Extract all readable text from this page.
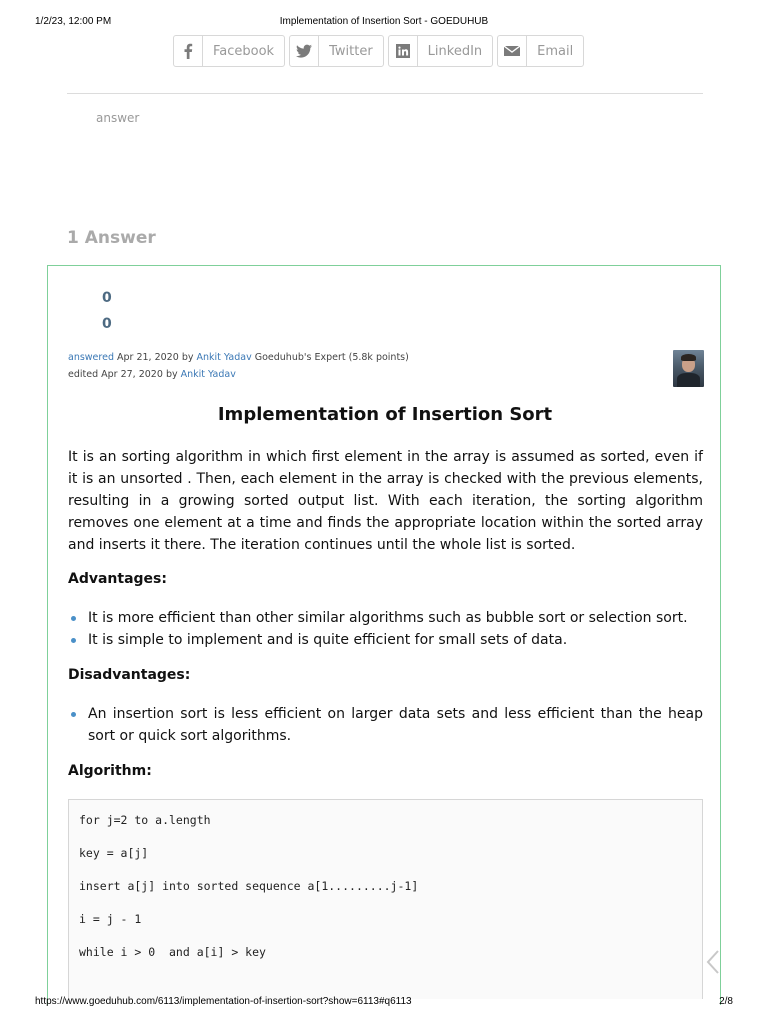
1/2/23, 12:00 PM	Implementation of Insertion Sort - GOEDUHUB
Facebook	Twitter	LinkedIn	Email
answer
1 Answer
0
0
answered Apr 21, 2020 by Ankit Yadav Goeduhub's Expert (5.8k points)
edited Apr 27, 2020 by Ankit Yadav
Implementation of Insertion Sort

It is an sorting algorithm in which first element in the array is assumed as sorted, even if it is an unsorted . Then, each element in the array is checked with the previous elements, resulting in a growing sorted output list. With each iteration, the sorting algorithm removes one element at a time and finds the appropriate location within the sorted array and inserts it there. The iteration continues until the whole list is sorted.

Advantages:
It is more efficient than other similar algorithms such as bubble sort or selection sort.
It is simple to implement and is quite efficient for small sets of data.
Disadvantages:
An insertion sort is less efficient on larger data sets and less efficient than the heap sort or quick sort algorithms.
Algorithm:
for j=2 to a.length
key = a[j]
insert a[j] into sorted sequence a[1.........j-1]
i = j - 1
while i > 0  and a[i] > key
https://www.goeduhub.com/6113/implementation-of-insertion-sort?show=6113#q6113	2/8
